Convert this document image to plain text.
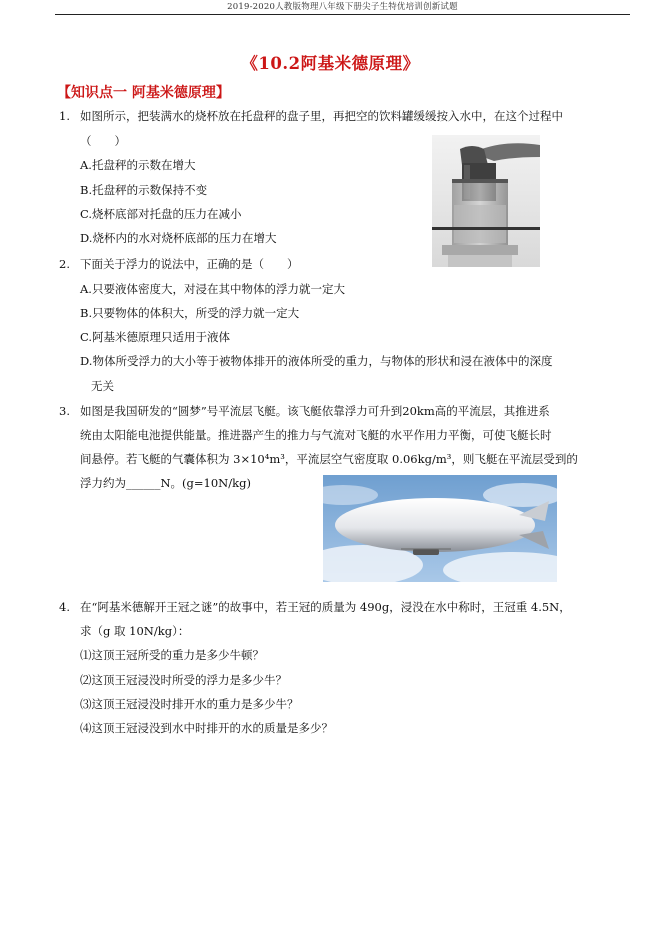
2019-2020人教版物理八年级下册尖子生特优培训创新试题
《10.2阿基米德原理》
【知识点一 阿基米德原理】
1. 如图所示，把装满水的烧杯放在托盘秤的盘子里，再把空的饮料罐缓缓按入水中，在这个过程中
（　　）
A.托盘秤的示数在增大
B.托盘秤的示数保持不变
C.烧杯底部对托盘的压力在减小
D.烧杯内的水对烧杯底部的压力在增大
2. 下面关于浮力的说法中，正确的是（　　）
A.只要液体密度大，对浸在其中物体的浮力就一定大
B.只要物体的体积大，所受的浮力就一定大
C.阿基米德原理只适用于液体
D.物体所受浮力的大小等于被物体排开的液体所受的重力，与物体的形状和浸在液体中的深度
无关
3. 如图是我国研发的“圆梦”号平流层飞艇。该飞艇依靠浮力可升到20km高的平流层，其推进系
统由太阳能电池提供能量。推进器产生的推力与气流对飞艇的水平作用力平衡，可使飞艇长时
间悬停。若飞艇的气囊体积为 3×10⁴m³，平流层空气密度取 0.06kg/m³，则飞艇在平流层受到的
浮力约为______N。(g=10N/kg)
4. 在“阿基米德解开王冠之谜”的故事中，若王冠的质量为 490g，浸没在水中称时，王冠重 4.5N，
求（g 取 10N/kg）：
⑴这顶王冠所受的重力是多少牛顿？
⑵这顶王冠浸没时所受的浮力是多少牛？
⑶这顶王冠浸没时排开水的重力是多少牛？
⑷这顶王冠浸没到水中时排开的水的质量是多少？
